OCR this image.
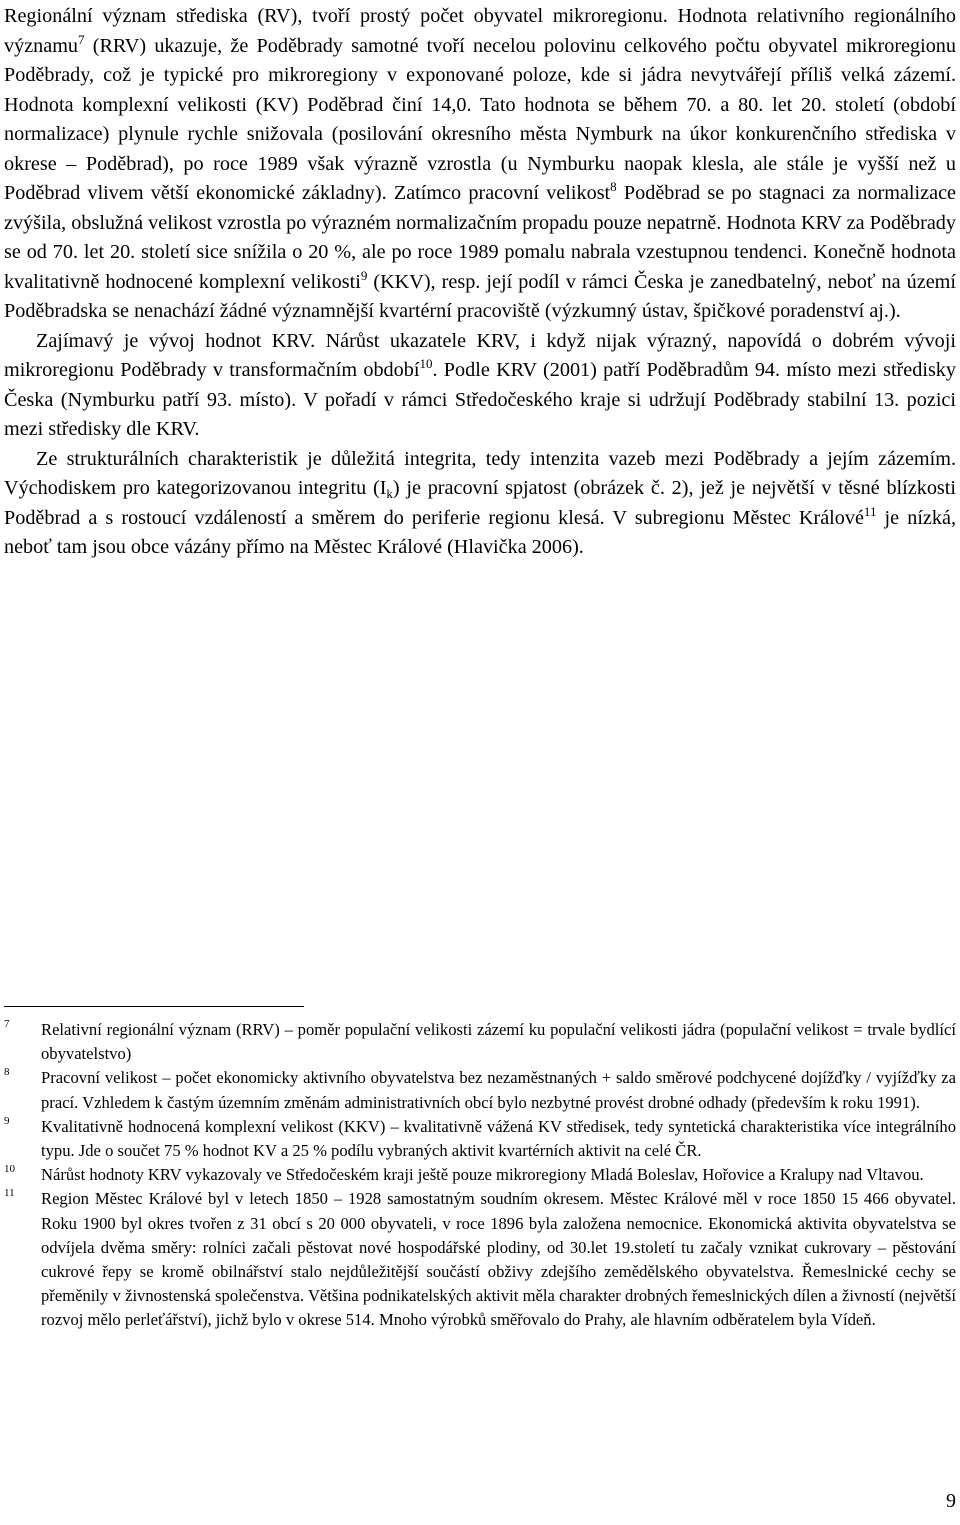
Regionální význam střediska (RV), tvoří prostý počet obyvatel mikroregionu. Hodnota relativního regionálního významu$^7$ (RRV) ukazuje, že Poděbrady samotné tvoří necelou polovinu celkového počtu obyvatel mikroregionu Poděbrady, což je typické pro mikroregiony v exponované poloze, kde si jádra nevytvářejí příliš velká zázemí. Hodnota komplexní velikosti (KV) Poděbrad činí 14,0. Tato hodnota se během 70. a 80. let 20. století (období normalizace) plynule rychle snižovala (posilování okresního města Nymburk na úkor konkurenčního střediska v okrese – Poděbrad), po roce 1989 však výrazně vzrostla (u Nymburku naopak klesla, ale stále je vyšší než u Poděbrad vlivem větší ekonomické základny). Zatímco pracovní velikost$^8$ Poděbrad se po stagnaci za normalizace zvýšila, obslužná velikost vzrostla po výrazném normalizačním propadu pouze nepatrně. Hodnota KRV za Poděbrady se od 70. let 20. století sice snížila o 20 %, ale po roce 1989 pomalu nabrala vzestupnou tendenci. Konečně hodnota kvalitativně hodnocené komplexní velikosti$^9$ (KKV), resp. její podíl v rámci Česka je zanedbatelný, neboť na území Poděbradska se nenachází žádné významnější kvartérní pracoviště (výzkumný ústav, špičkové poradenství aj.).

Zajímavý je vývoj hodnot KRV. Nárůst ukazatele KRV, i když nijak výrazný, napovídá o dobrém vývoji mikroregionu Poděbrady v transformačním období$^{10}$. Podle KRV (2001) patří Poděbradům 94. místo mezi středisky Česka (Nymburku patří 93. místo). V pořadí v rámci Středočeského kraje si udržují Poděbrady stabilní 13. pozici mezi středisky dle KRV.

Ze strukturálních charakteristik je důležitá integrita, tedy intenzita vazeb mezi Poděbrady a jejím zázemím. Východiskem pro kategorizovanou integritu $(I_k)$ je pracovní spjatost (obrázek č. 2), jež je největší v těsné blízkosti Poděbrad a s rostoucí vzdáleností a směrem do periferie regionu klesá. V subregionu Městec Králové$^{11}$ je nízká, neboť tam jsou obce vázány přímo na Městec Králové (Hlavička 2006).

7 Relativní regionální význam (RRV) – poměr populační velikosti zázemí ku populační velikosti jádra (populační velikost = trvale bydlící obyvatelstvo)

8 Pracovní velikost – počet ekonomicky aktivního obyvatelstva bez nezaměstnaných + saldo směrové podchycené dojížďky / vyjížďky za prací. Vzhledem k častým územním změnám administrativních obcí bylo nezbytné provést drobné odhady (především k roku 1991).

9 Kvalitativně hodnocená komplexní velikost (KKV) – kvalitativně vážená KV středisek, tedy syntetická charakteristika více integrálního typu. Jde o součet 75 % hodnot KV a 25 % podílu vybraných aktivit kvartérních aktivit na celé ČR.

10 Nárůst hodnoty KRV vykazovaly ve Středočeském kraji ještě pouze mikroregiony Mladá Boleslav, Hořovice a Kralupy nad Vltavou.

11 Region Městec Králové byl v letech 1850 – 1928 samostatným soudním okresem. Městec Králové měl v roce 1850 15 466 obyvatel. Roku 1900 byl okres tvořen z 31 obcí s 20 000 obyvateli, v roce 1896 byla založena nemocnice. Ekonomická aktivita obyvatelstva se odvíjela dvěma směry: rolníci začali pěstovat nové hospodářské plodiny, od 30.let 19.století tu začaly vznikat cukrovary – pěstování cukrové řepy se kromě obilnářství stalo nejdůležitější součástí obživy zdejšího zemědělského obyvatelstva. Řemeslnické cechy se přeměnily v živnostenská společenstva. Většina podnikatelských aktivit měla charakter drobných řemeslnických dílen a živností (největší rozvoj mělo perleťářství), jichž bylo v okrese 514. Mnoho výrobků směřovalo do Prahy, ale hlavním odběratelem byla Vídeň.

9
